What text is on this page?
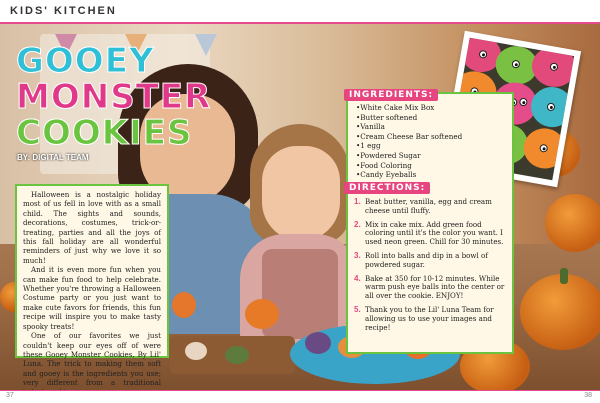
KIDS' KITCHEN
GOOEY
MONSTER
COOKIES
BY: DIGITAL TEAM

Halloween is a nostalgic holiday most of us fell in love with as a small child. The sights and sounds, decorations, costumes, trick-or-treating, parties and all the joys of this fall holiday are all wonderful reminders of just why we love it so much!

And it is even more fun when you can make fun food to help celebrate. Whether you're throwing a Halloween Costume party or you just want to make cute favors for friends, this fun recipe will inspire you to make tasty spooky treats!

One of our favorites we just couldn't keep our eyes off of were these Gooey Monster Cookies, By Lil' Luna. The trick to making them soft and gooey is the ingredients you use; very different from a traditional

INGREDIENTS:
• White Cake Mix Box
• Butter softened
• Vanilla
• Cream Cheese Bar softened
• 1 egg
• Powdered Sugar
• Food Coloring
• Candy Eyeballs
DIRECTIONS:
1. Beat butter, vanilla, egg and cream cheese until fluffy.
2. Mix in cake mix. Add green food coloring until it's the color you want. I used neon green. Chill for 30 minutes.
3. Roll into balls and dip in a bowl of powdered sugar.
4. Bake at 350 for 10-12 minutes. While warm push eye balls into the center or all over the cookie. ENJOY!
5. Thank you to the Lil' Luna Team for allowing us to use your images and recipe!
37	38
